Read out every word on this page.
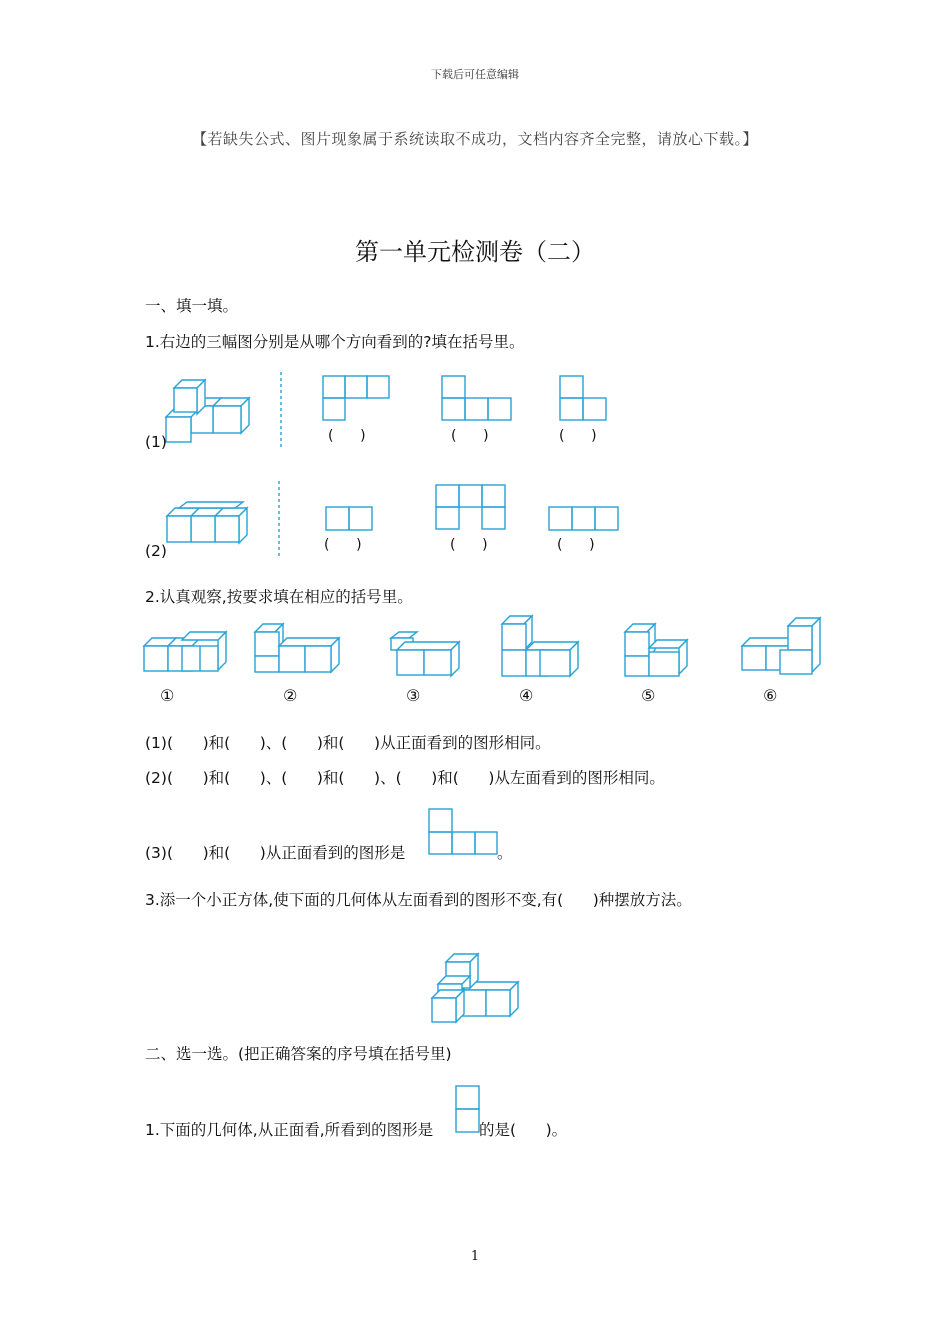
下载后可任意编辑
【若缺失公式、图片现象属于系统读取不成功，文档内容齐全完整，请放心下载。】
第一单元检测卷（二）
一、填一填。
1.右边的三幅图分别是从哪个方向看到的?填在括号里。
(1)	(      )	(      )	(      )
(2)	(      )	(      )	(      )
2.认真观察,按要求填在相应的括号里。
①	②	③	④	⑤	⑥
(1)(      )和(      )、(      )和(      )从正面看到的图形相同。
(2)(      )和(      )、(      )和(      )、(      )和(      )从左面看到的图形相同。
(3)(      )和(      )从正面看到的图形是	。
3.添一个小正方体,使下面的几何体从左面看到的图形不变,有(      )种摆放方法。
二、选一选。(把正确答案的序号填在括号里)
1.下面的几何体,从正面看,所看到的图形是	的是(      )。
1
